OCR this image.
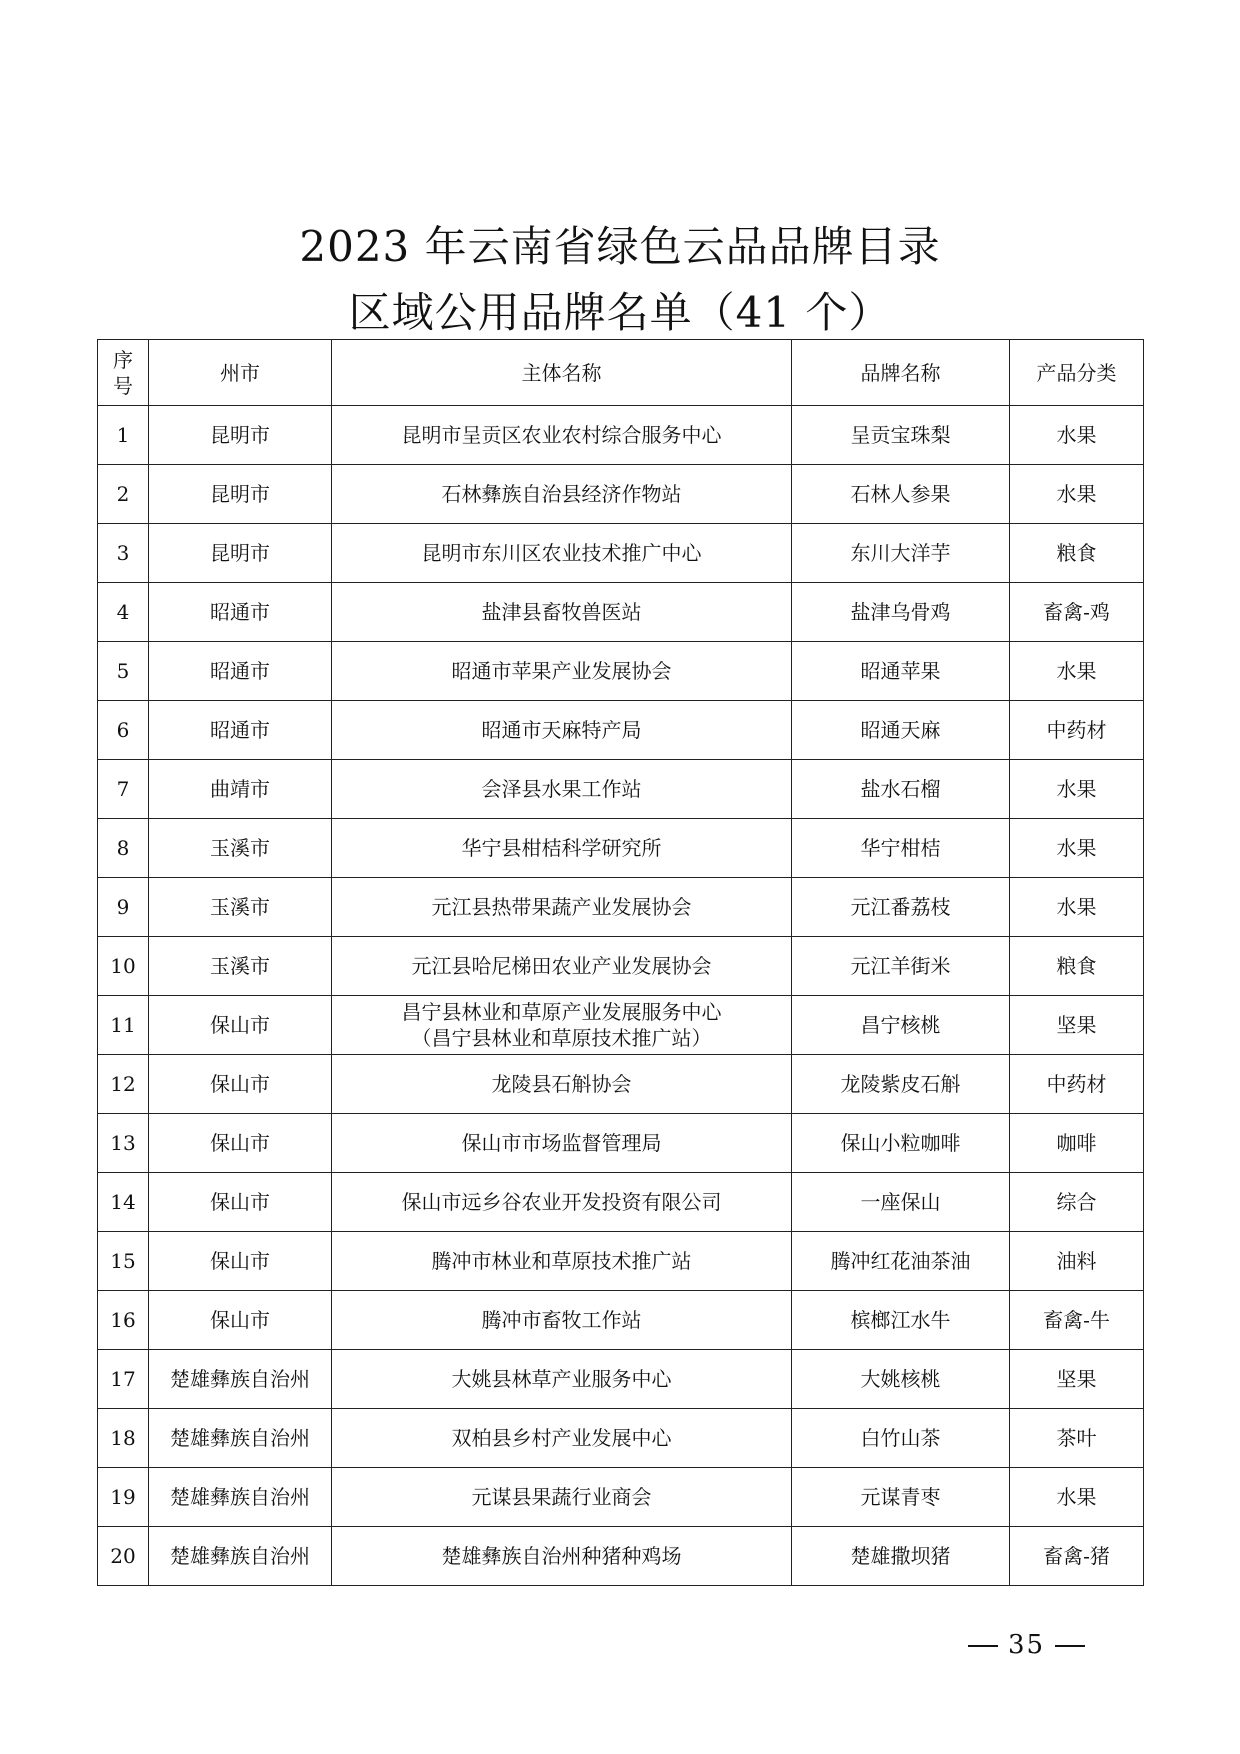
2023 年云南省绿色云品品牌目录
区域公用品牌名单（41 个）
序
号	州市	主体名称	品牌名称	产品分类
1	昆明市	昆明市呈贡区农业农村综合服务中心	呈贡宝珠梨	水果
2	昆明市	石林彝族自治县经济作物站	石林人参果	水果
3	昆明市	昆明市东川区农业技术推广中心	东川大洋芋	粮食
4	昭通市	盐津县畜牧兽医站	盐津乌骨鸡	畜禽-鸡
5	昭通市	昭通市苹果产业发展协会	昭通苹果	水果
6	昭通市	昭通市天麻特产局	昭通天麻	中药材
7	曲靖市	会泽县水果工作站	盐水石榴	水果
8	玉溪市	华宁县柑桔科学研究所	华宁柑桔	水果
9	玉溪市	元江县热带果蔬产业发展协会	元江番荔枝	水果
10	玉溪市	元江县哈尼梯田农业产业发展协会	元江羊街米	粮食
11	保山市	昌宁县林业和草原产业发展服务中心
（昌宁县林业和草原技术推广站）	昌宁核桃	坚果
12	保山市	龙陵县石斛协会	龙陵紫皮石斛	中药材
13	保山市	保山市市场监督管理局	保山小粒咖啡	咖啡
14	保山市	保山市远乡谷农业开发投资有限公司	一座保山	综合
15	保山市	腾冲市林业和草原技术推广站	腾冲红花油茶油	油料
16	保山市	腾冲市畜牧工作站	槟榔江水牛	畜禽-牛
17	楚雄彝族自治州	大姚县林草产业服务中心	大姚核桃	坚果
18	楚雄彝族自治州	双柏县乡村产业发展中心	白竹山茶	茶叶
19	楚雄彝族自治州	元谋县果蔬行业商会	元谋青枣	水果
20	楚雄彝族自治州	楚雄彝族自治州种猪种鸡场	楚雄撒坝猪	畜禽-猪
35
